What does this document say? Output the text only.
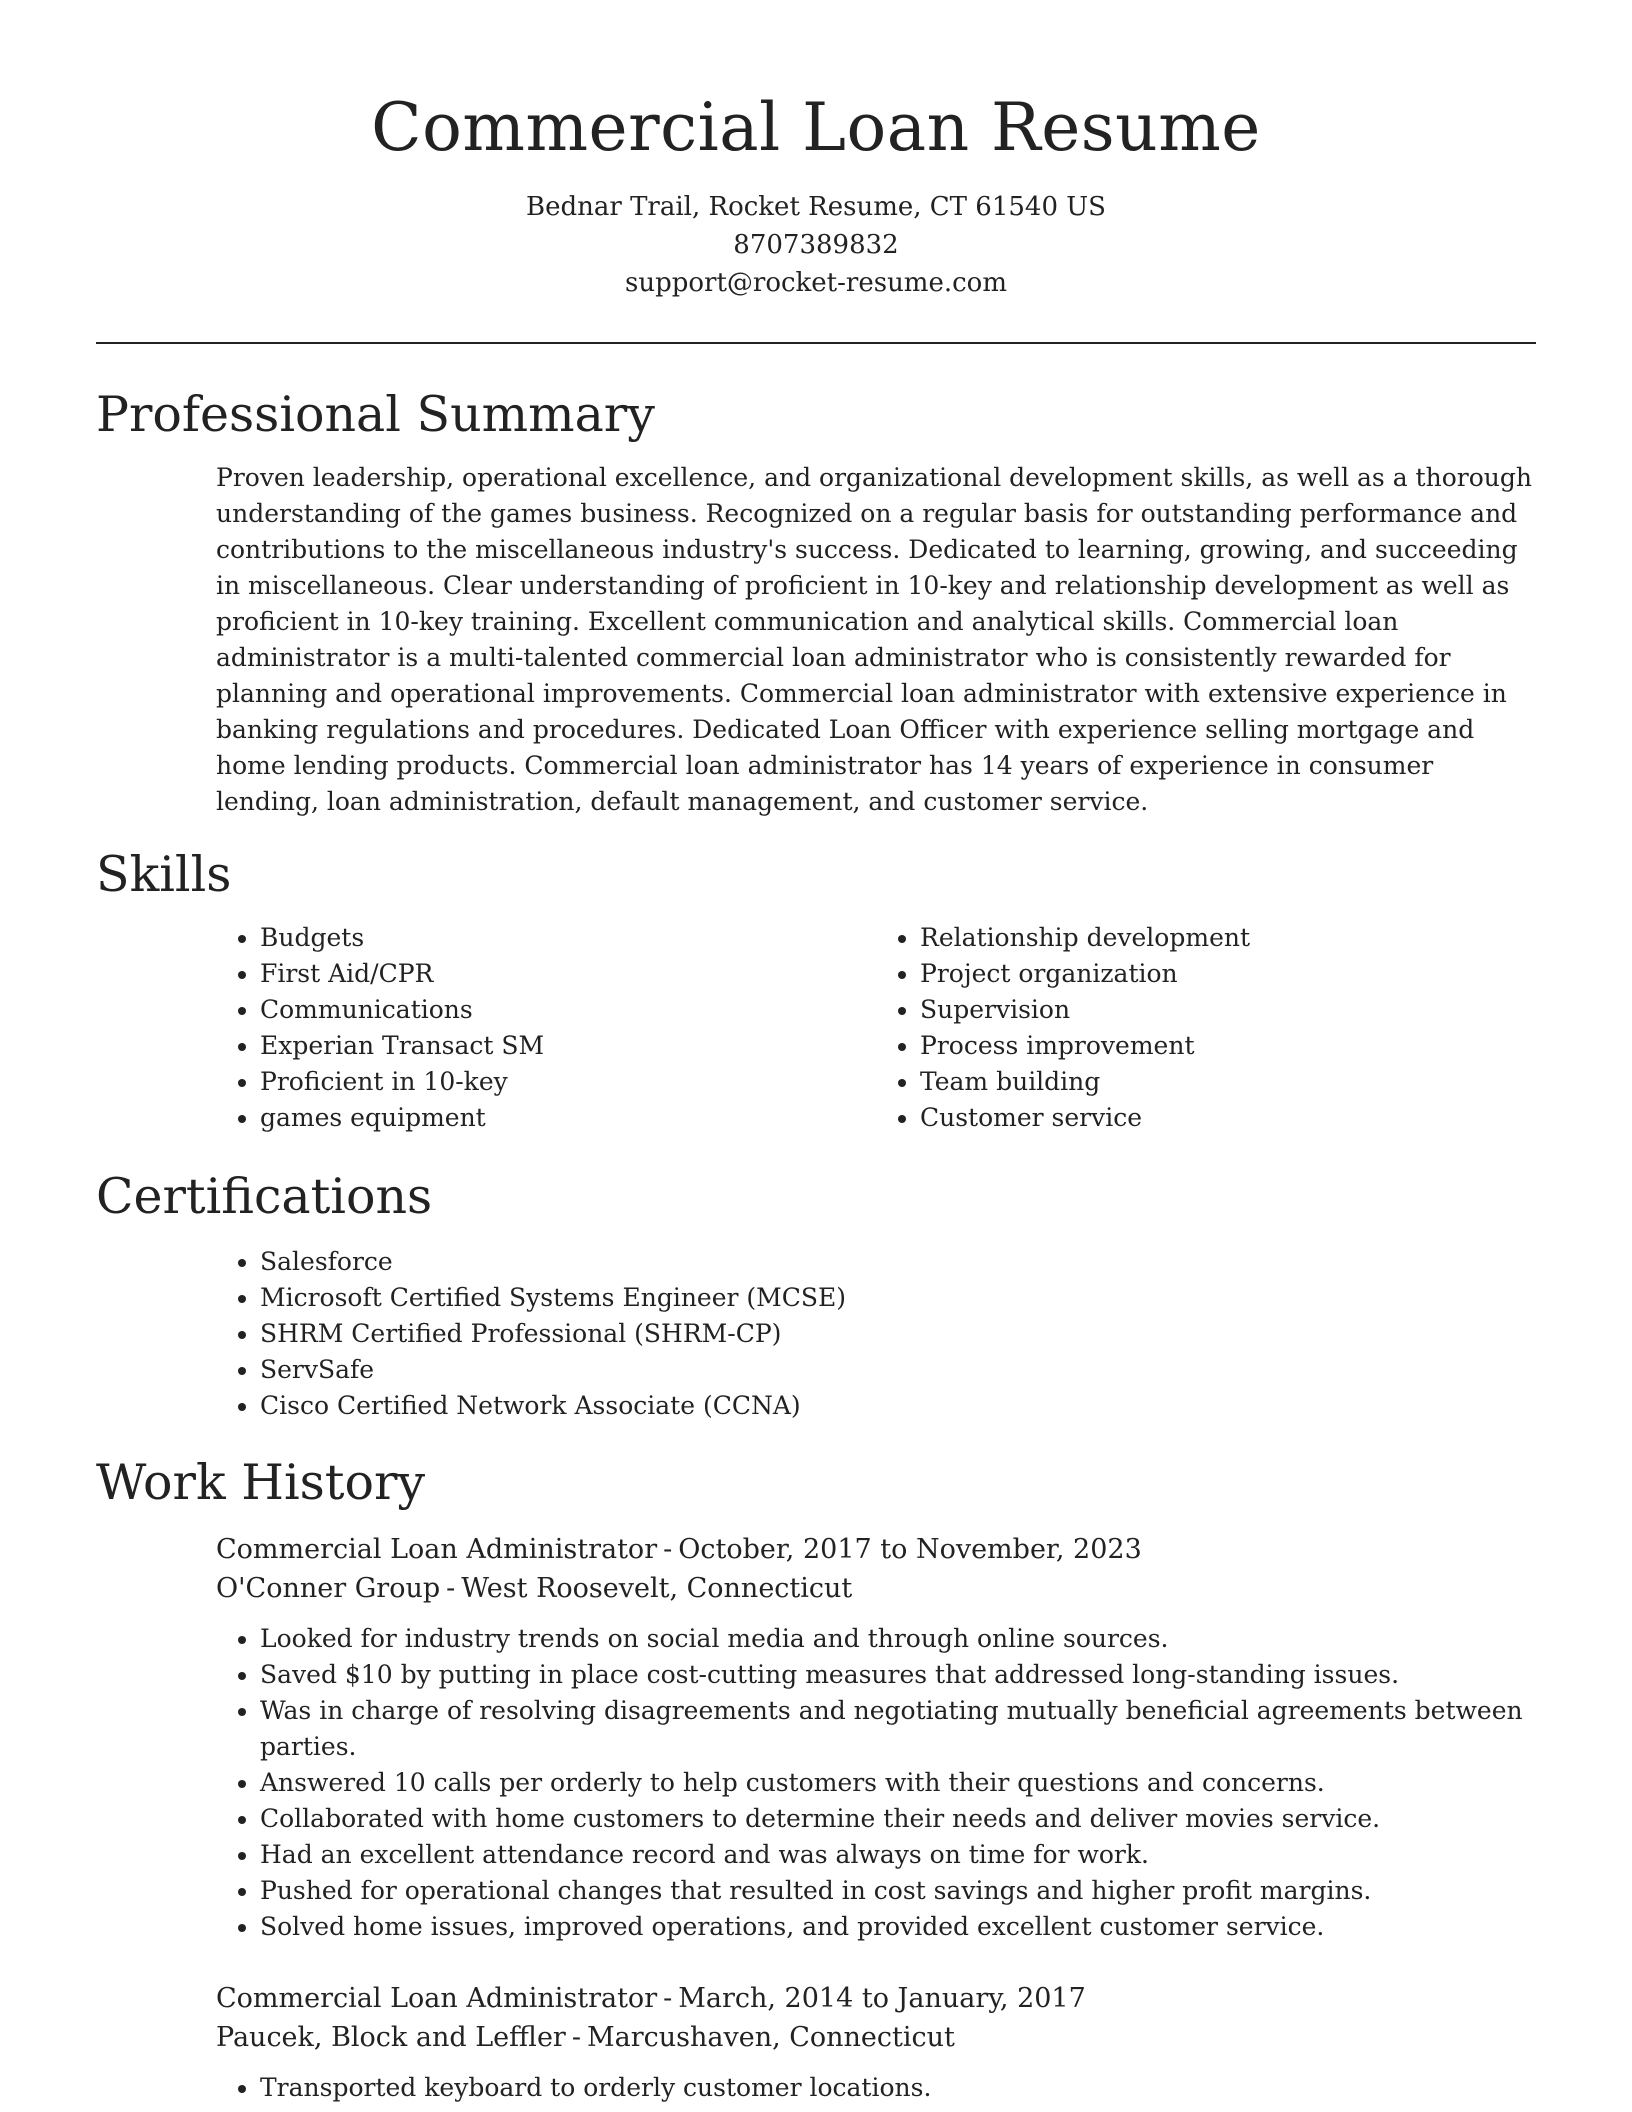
Commercial Loan Resume
Bednar Trail, Rocket Resume, CT 61540 US
8707389832
support@rocket-resume.com
Professional Summary

Proven leadership, operational excellence, and organizational development skills, as well as a thorough understanding of the games business. Recognized on a regular basis for outstanding performance and contributions to the miscellaneous industry's success. Dedicated to learning, growing, and succeeding in miscellaneous. Clear understanding of proficient in 10-key and relationship development as well as proficient in 10-key training. Excellent communication and analytical skills. Commercial loan administrator is a multi-talented commercial loan administrator who is consistently rewarded for planning and operational improvements. Commercial loan administrator with extensive experience in banking regulations and procedures. Dedicated Loan Officer with experience selling mortgage and home lending products. Commercial loan administrator has 14 years of experience in consumer lending, loan administration, default management, and customer service.

Skills
• Budgets
• First Aid/CPR
• Communications
• Experian Transact SM
• Proficient in 10-key
• games equipment
• Relationship development
• Project organization
• Supervision
• Process improvement
• Team building
• Customer service
Certifications
• Salesforce
• Microsoft Certified Systems Engineer (MCSE)
• SHRM Certified Professional (SHRM-CP)
• ServSafe
• Cisco Certified Network Associate (CCNA)
Work History
Commercial Loan Administrator - October, 2017 to November, 2023
O'Conner Group - West Roosevelt, Connecticut
• Looked for industry trends on social media and through online sources.
• Saved $10 by putting in place cost-cutting measures that addressed long-standing issues.
• Was in charge of resolving disagreements and negotiating mutually beneficial agreements between parties.
• Answered 10 calls per orderly to help customers with their questions and concerns.
• Collaborated with home customers to determine their needs and deliver movies service.
• Had an excellent attendance record and was always on time for work.
• Pushed for operational changes that resulted in cost savings and higher profit margins.
• Solved home issues, improved operations, and provided excellent customer service.
Commercial Loan Administrator - March, 2014 to January, 2017
Paucek, Block and Leffler - Marcushaven, Connecticut
• Transported keyboard to orderly customer locations.
